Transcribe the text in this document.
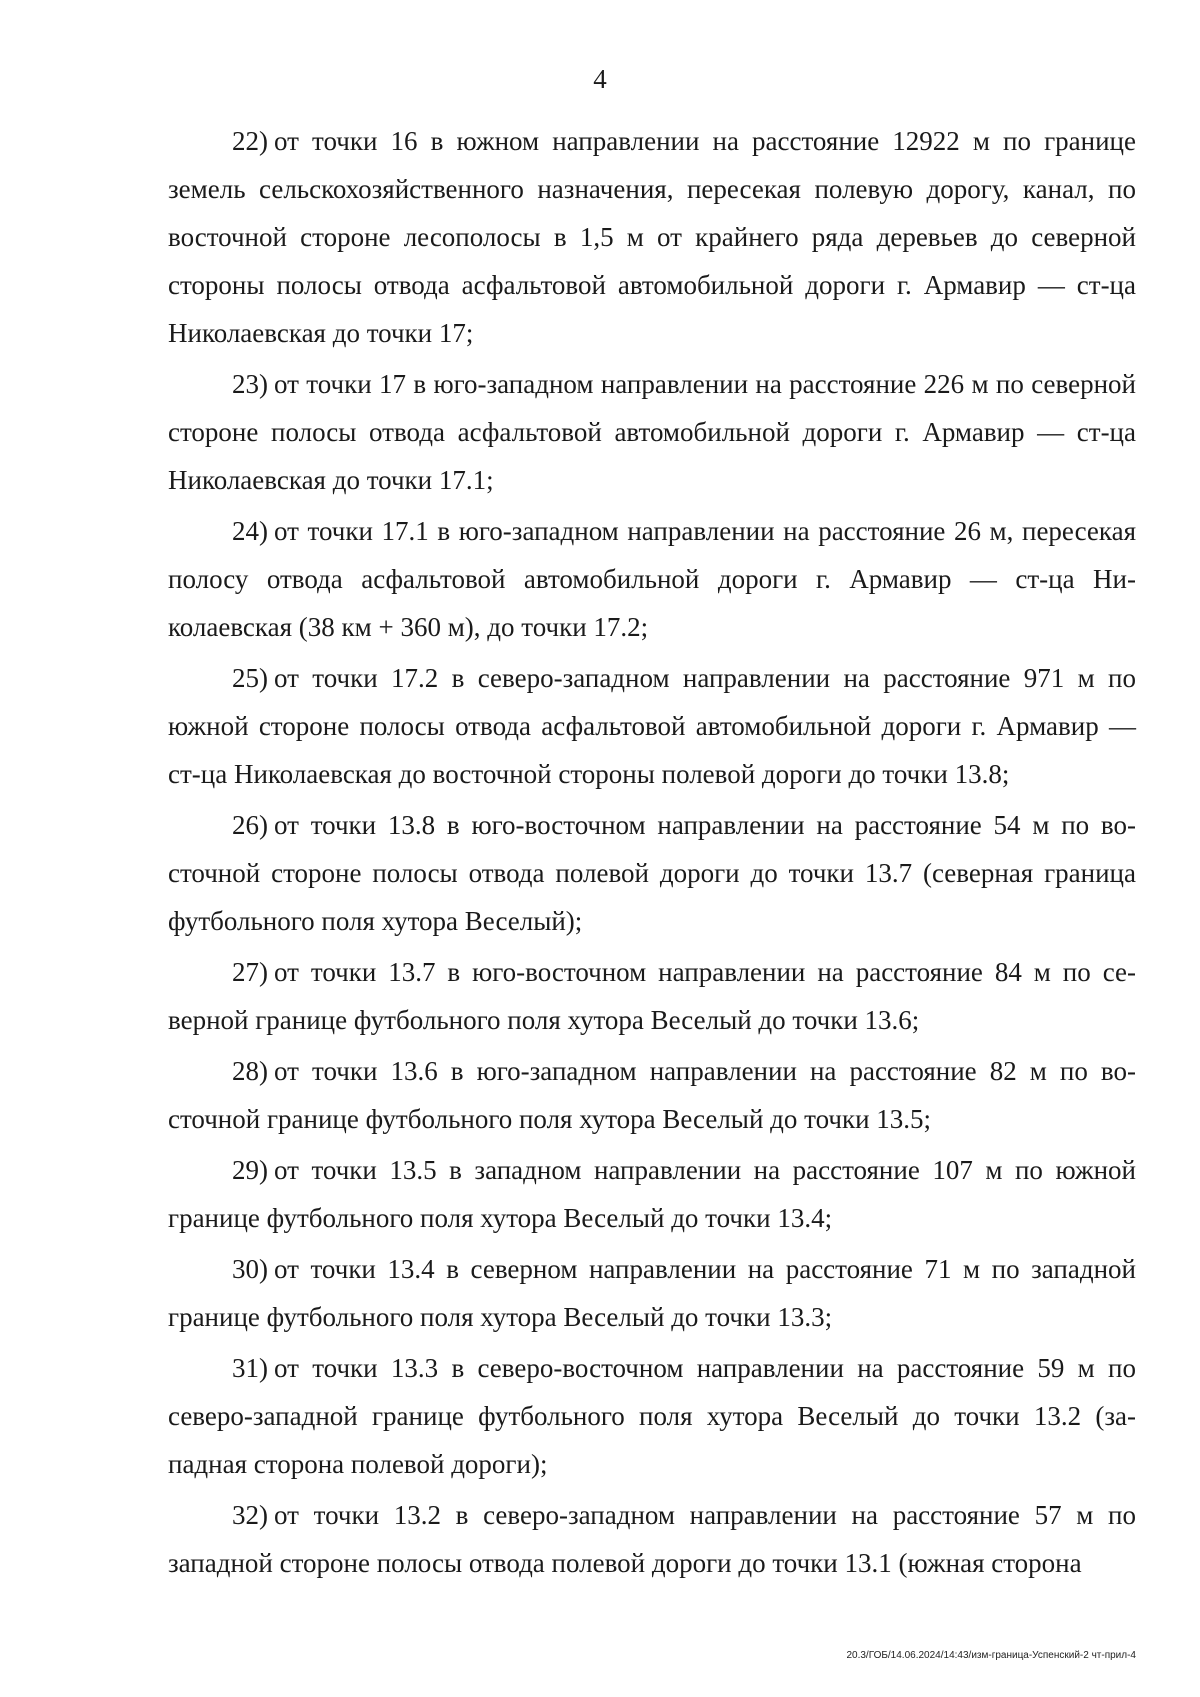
4

22) от точки 16 в южном направлении на расстояние 12922 м по границе земель сельскохозяйственного назначения, пересекая полевую дорогу, канал, по восточной стороне лесополосы в 1,5 м от крайнего ряда деревьев до северной стороны полосы отвода асфальтовой автомобильной дороги г. Армавир — ст-ца Николаевская до точки 17;

23) от точки 17 в юго-западном направлении на расстояние 226 м по северной стороне полосы отвода асфальтовой автомобильной дороги г. Армавир — ст-ца Николаевская до точки 17.1;

24) от точки 17.1 в юго-западном направлении на расстояние 26 м, пересекая полосу отвода асфальтовой автомобильной дороги г. Армавир — ст-ца Николаевская (38 км + 360 м), до точки 17.2;

25) от точки 17.2 в северо-западном направлении на расстояние 971 м по южной стороне полосы отвода асфальтовой автомобильной дороги г. Армавир — ст-ца Николаевская до восточной стороны полевой дороги до точки 13.8;

26) от точки 13.8 в юго-восточном направлении на расстояние 54 м по восточной стороне полосы отвода полевой дороги до точки 13.7 (северная граница футбольного поля хутора Веселый);

27) от точки 13.7 в юго-восточном направлении на расстояние 84 м по северной границе футбольного поля хутора Веселый до точки 13.6;

28) от точки 13.6 в юго-западном направлении на расстояние 82 м по восточной границе футбольного поля хутора Веселый до точки 13.5;

29) от точки 13.5 в западном направлении на расстояние 107 м по южной границе футбольного поля хутора Веселый до точки 13.4;

30) от точки 13.4 в северном направлении на расстояние 71 м по западной границе футбольного поля хутора Веселый до точки 13.3;

31) от точки 13.3 в северо-восточном направлении на расстояние 59 м по северо-западной границе футбольного поля хутора Веселый до точки 13.2 (западная сторона полевой дороги);

32) от точки 13.2 в северо-западном направлении на расстояние 57 м по западной стороне полосы отвода полевой дороги до точки 13.1 (южная сторона

20.3/ГОБ/14.06.2024/14:43/изм-граница-Успенский-2 чт-прил-4
